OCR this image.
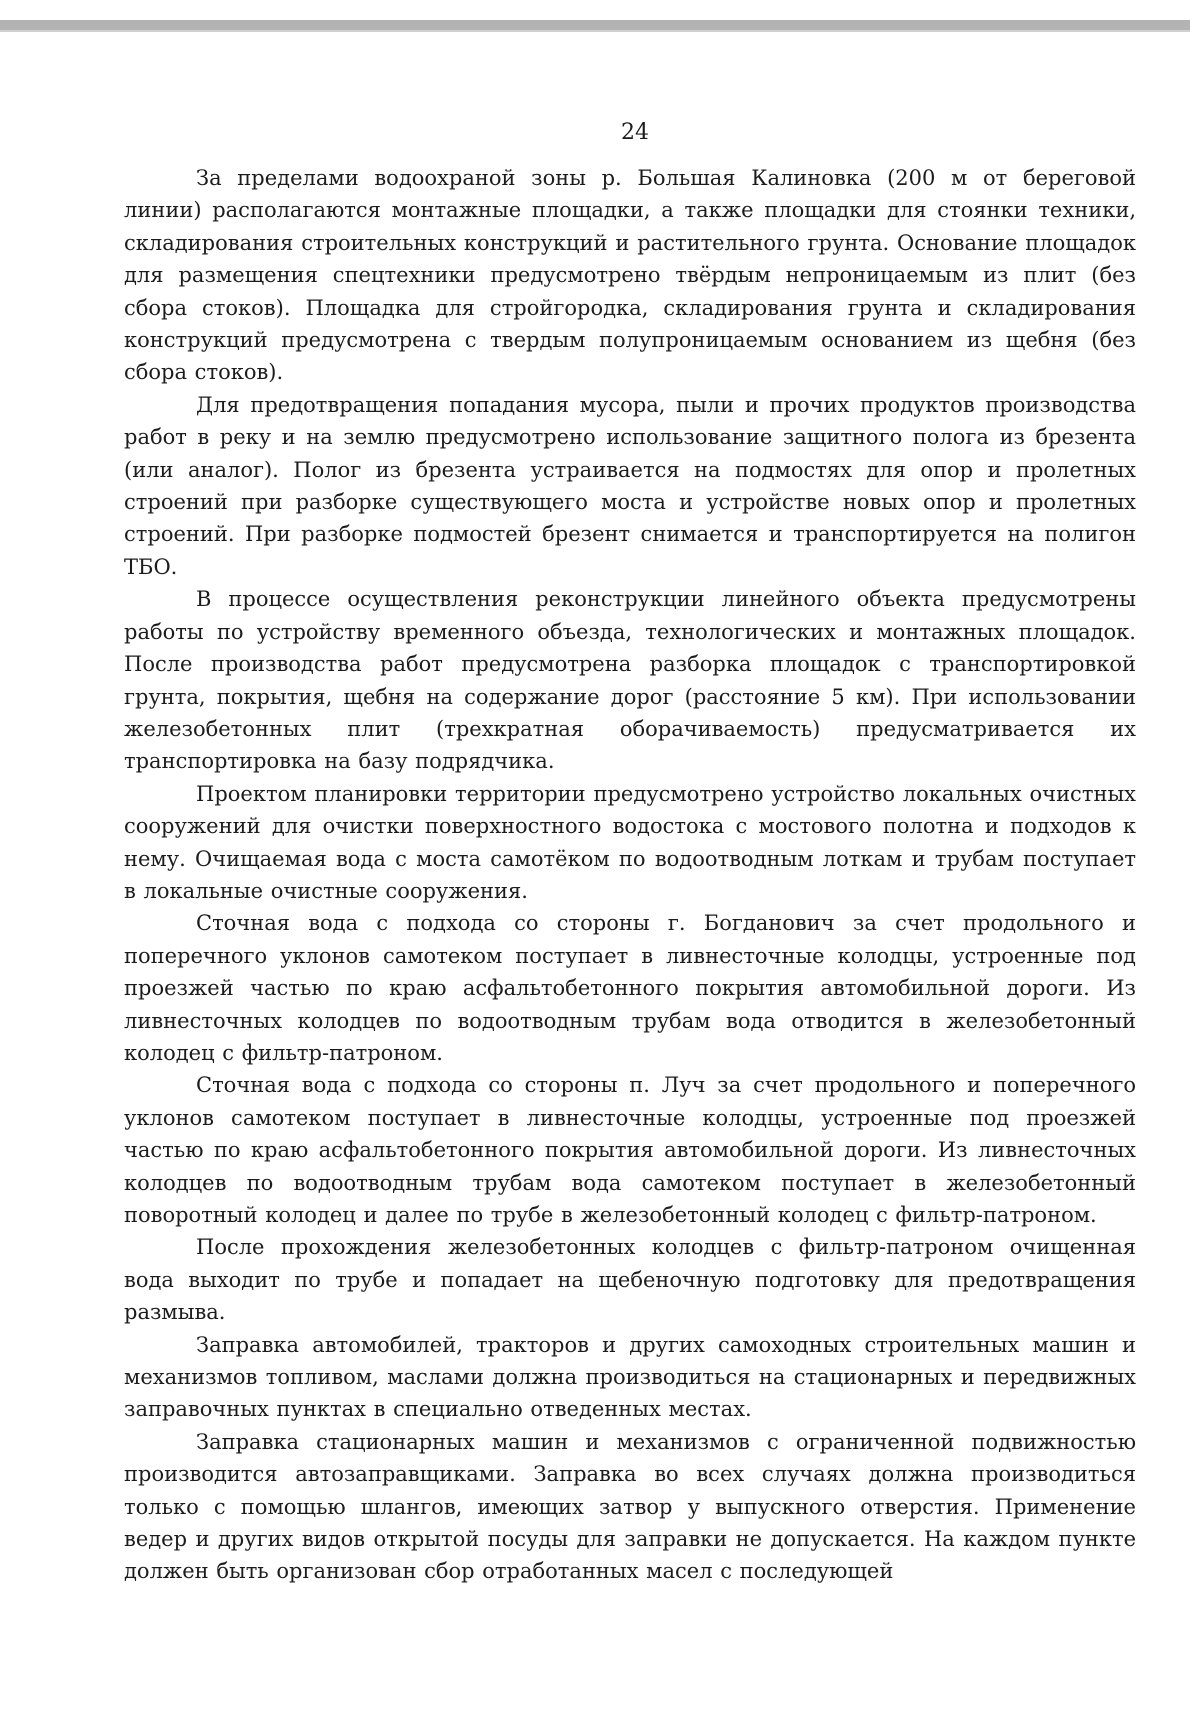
24

За пределами водоохраной зоны р. Большая Калиновка (200 м от береговой линии) располагаются монтажные площадки, а также площадки для стоянки техники, складирования строительных конструкций и растительного грунта. Основание площадок для размещения спецтехники предусмотрено твёрдым непроницаемым из плит (без сбора стоков). Площадка для стройгородка, складирования грунта и складирования конструкций предусмотрена с твердым полупроницаемым основанием из щебня (без сбора стоков).

Для предотвращения попадания мусора, пыли и прочих продуктов производства работ в реку и на землю предусмотрено использование защитного полога из брезента (или аналог). Полог из брезента устраивается на подмостях для опор и пролетных строений при разборке существующего моста и устройстве новых опор и пролетных строений. При разборке подмостей брезент снимается и транспортируется на полигон ТБО.

В процессе осуществления реконструкции линейного объекта предусмотрены работы по устройству временного объезда, технологических и монтажных площадок. После производства работ предусмотрена разборка площадок с транспортировкой грунта, покрытия, щебня на содержание дорог (расстояние 5 км). При использовании железобетонных плит (трехкратная оборачиваемость) предусматривается их транспортировка на базу подрядчика.

Проектом планировки территории предусмотрено устройство локальных очистных сооружений для очистки поверхностного водостока с мостового полотна и подходов к нему. Очищаемая вода с моста самотёком по водоотводным лоткам и трубам поступает в локальные очистные сооружения.

Сточная вода с подхода со стороны г. Богданович за счет продольного и поперечного уклонов самотеком поступает в ливнесточные колодцы, устроенные под проезжей частью по краю асфальтобетонного покрытия автомобильной дороги. Из ливнесточных колодцев по водоотводным трубам вода отводится в железобетонный колодец с фильтр-патроном.

Сточная вода с подхода со стороны п. Луч за счет продольного и поперечного уклонов самотеком поступает в ливнесточные колодцы, устроенные под проезжей частью по краю асфальтобетонного покрытия автомобильной дороги. Из ливнесточных колодцев по водоотводным трубам вода самотеком поступает в железобетонный поворотный колодец и далее по трубе в железобетонный колодец с фильтр-патроном.

После прохождения железобетонных колодцев с фильтр-патроном очищенная вода выходит по трубе и попадает на щебеночную подготовку для предотвращения размыва.

Заправка автомобилей, тракторов и других самоходных строительных машин и механизмов топливом, маслами должна производиться на стационарных и передвижных заправочных пунктах в специально отведенных местах.

Заправка стационарных машин и механизмов с ограниченной подвижностью производится автозаправщиками. Заправка во всех случаях должна производиться только с помощью шлангов, имеющих затвор у выпускного отверстия. Применение ведер и других видов открытой посуды для заправки не допускается. На каждом пункте должен быть организован сбор отработанных масел с последующей
